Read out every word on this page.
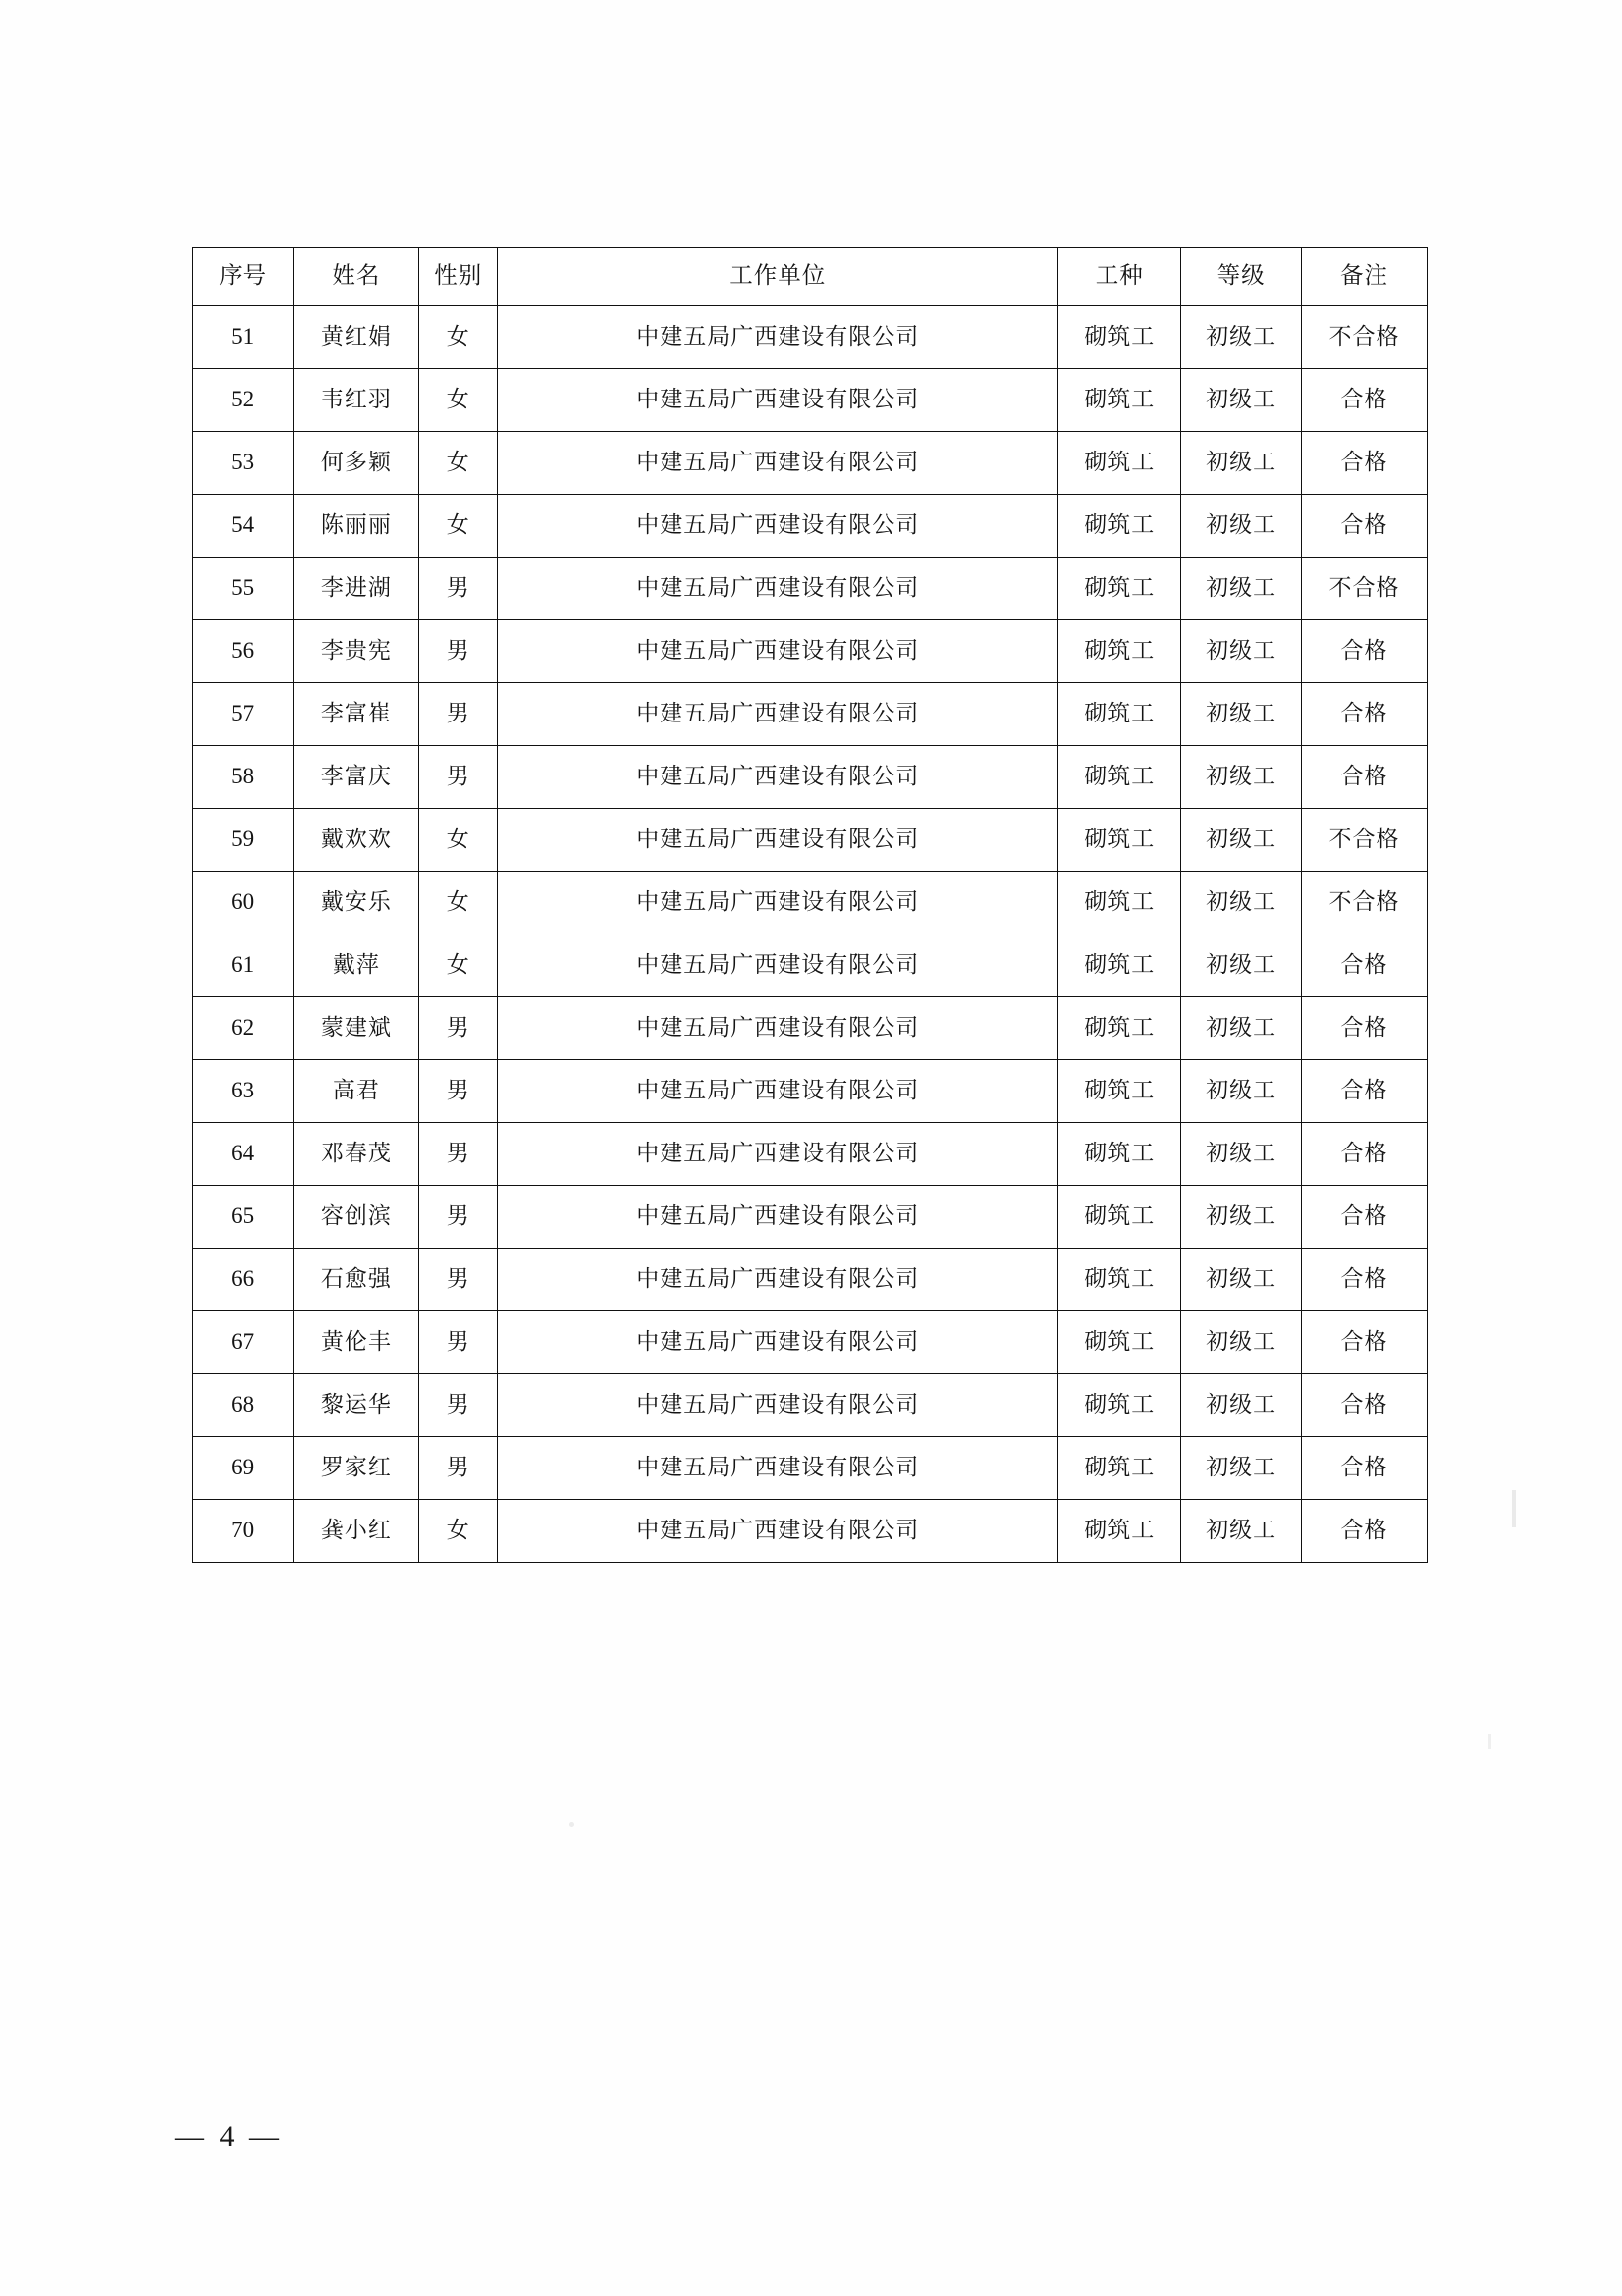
序号	姓名	性别	工作单位	工种	等级	备注
51	黄红娟	女	中建五局广西建设有限公司	砌筑工	初级工	不合格
52	韦红羽	女	中建五局广西建设有限公司	砌筑工	初级工	合格
53	何多颖	女	中建五局广西建设有限公司	砌筑工	初级工	合格
54	陈丽丽	女	中建五局广西建设有限公司	砌筑工	初级工	合格
55	李进湖	男	中建五局广西建设有限公司	砌筑工	初级工	不合格
56	李贵宪	男	中建五局广西建设有限公司	砌筑工	初级工	合格
57	李富崔	男	中建五局广西建设有限公司	砌筑工	初级工	合格
58	李富庆	男	中建五局广西建设有限公司	砌筑工	初级工	合格
59	戴欢欢	女	中建五局广西建设有限公司	砌筑工	初级工	不合格
60	戴安乐	女	中建五局广西建设有限公司	砌筑工	初级工	不合格
61	戴萍	女	中建五局广西建设有限公司	砌筑工	初级工	合格
62	蒙建斌	男	中建五局广西建设有限公司	砌筑工	初级工	合格
63	高君	男	中建五局广西建设有限公司	砌筑工	初级工	合格
64	邓春茂	男	中建五局广西建设有限公司	砌筑工	初级工	合格
65	容创滨	男	中建五局广西建设有限公司	砌筑工	初级工	合格
66	石愈强	男	中建五局广西建设有限公司	砌筑工	初级工	合格
67	黄伦丰	男	中建五局广西建设有限公司	砌筑工	初级工	合格
68	黎运华	男	中建五局广西建设有限公司	砌筑工	初级工	合格
69	罗家红	男	中建五局广西建设有限公司	砌筑工	初级工	合格
70	龚小红	女	中建五局广西建设有限公司	砌筑工	初级工	合格
— 4 —
